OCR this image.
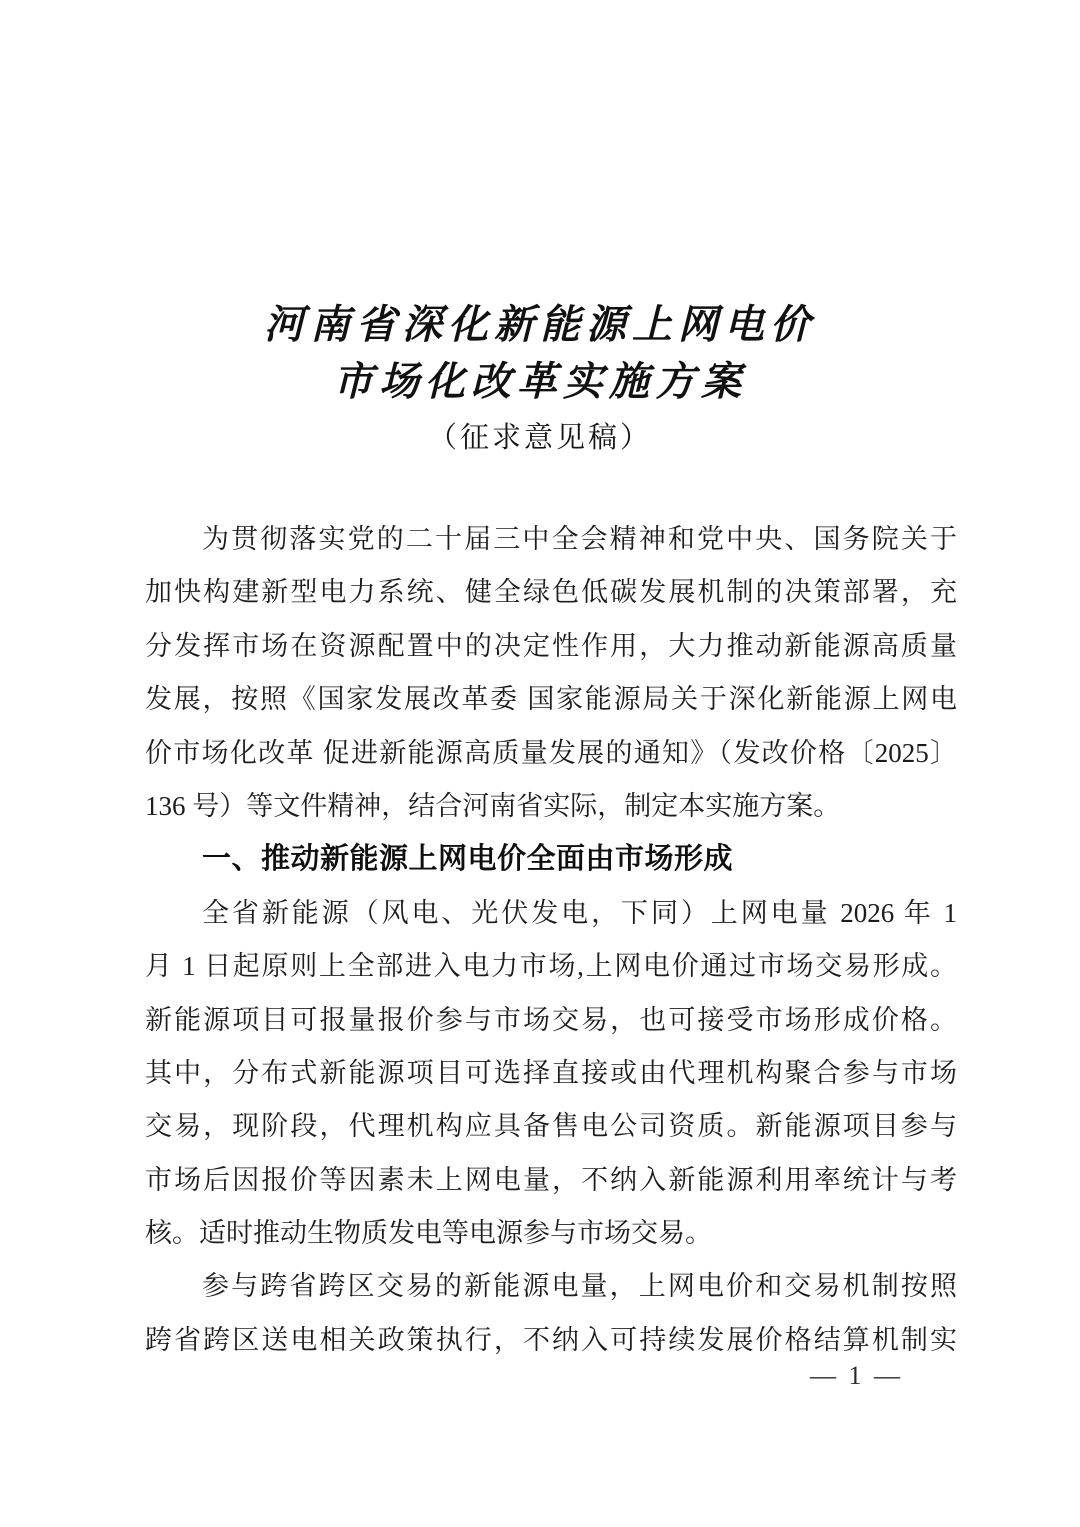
河南省深化新能源上网电价
市场化改革实施方案
（征求意见稿）
为贯彻落实党的二十届三中全会精神和党中央、国务院关于
加快构建新型电力系统、健全绿色低碳发展机制的决策部署，充
分发挥市场在资源配置中的决定性作用，大力推动新能源高质量
发展，按照《国家发展改革委 国家能源局关于深化新能源上网电
价市场化改革 促进新能源高质量发展的通知》（发改价格〔2025〕
136 号）等文件精神，结合河南省实际，制定本实施方案。
一、推动新能源上网电价全面由市场形成
全省新能源（风电、光伏发电，下同）上网电量 2026 年 1
月 1 日起原则上全部进入电力市场,上网电价通过市场交易形成。
新能源项目可报量报价参与市场交易，也可接受市场形成价格。
其中，分布式新能源项目可选择直接或由代理机构聚合参与市场
交易，现阶段，代理机构应具备售电公司资质。新能源项目参与
市场后因报价等因素未上网电量，不纳入新能源利用率统计与考
核。适时推动生物质发电等电源参与市场交易。
参与跨省跨区交易的新能源电量，上网电价和交易机制按照
跨省跨区送电相关政策执行，不纳入可持续发展价格结算机制实
— 1 —
